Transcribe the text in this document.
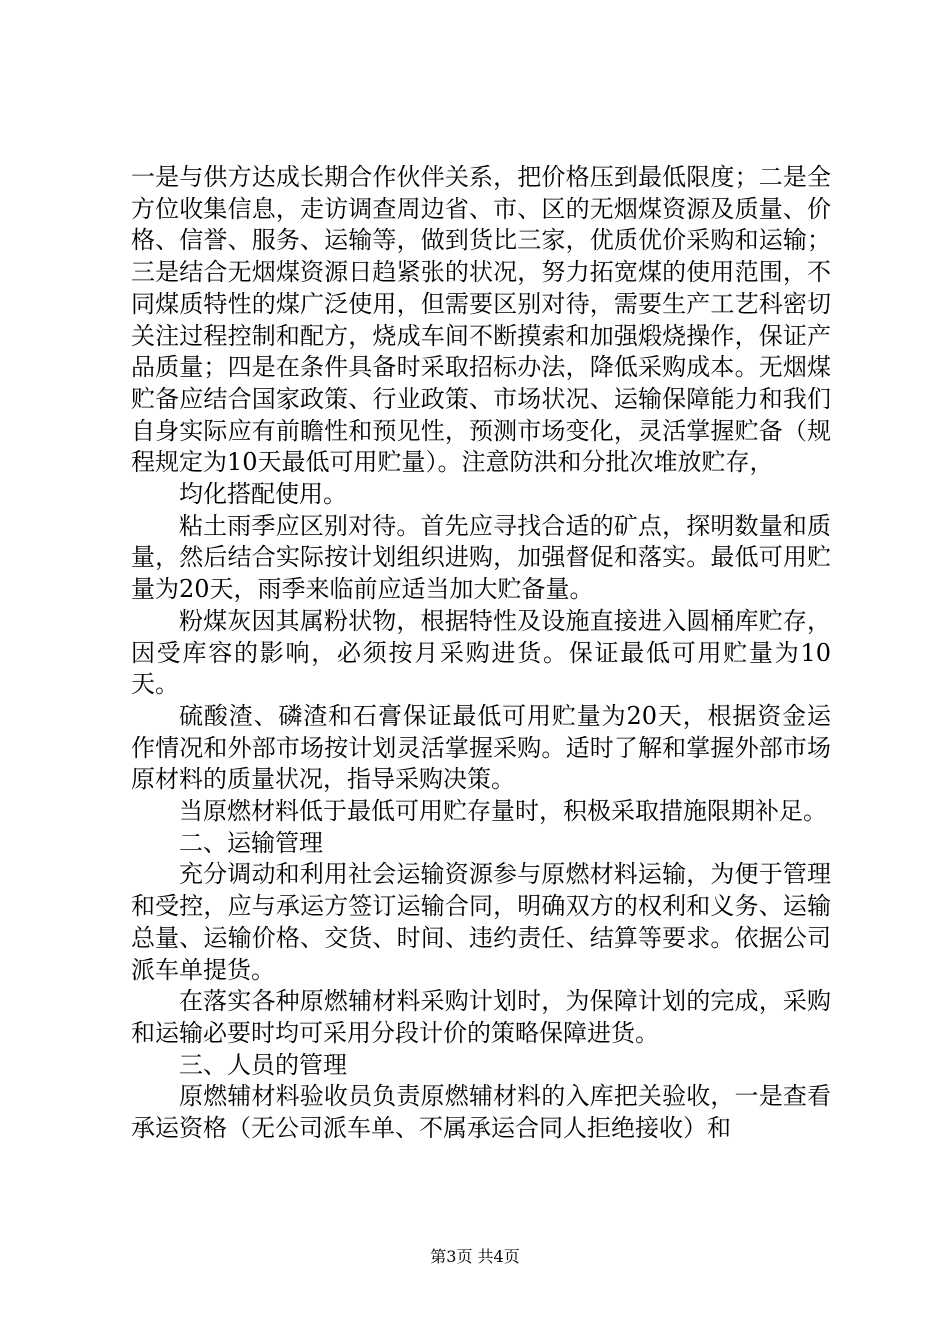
一是与供方达成长期合作伙伴关系，把价格压到最低限度；二是全方位收集信息，走访调查周边省、市、区的无烟煤资源及质量、价格、信誉、服务、运输等，做到货比三家，优质优价采购和运输；三是结合无烟煤资源日趋紧张的状况，努力拓宽煤的使用范围，不同煤质特性的煤广泛使用，但需要区别对待，需要生产工艺科密切关注过程控制和配方，烧成车间不断摸索和加强煅烧操作，保证产品质量；四是在条件具备时采取招标办法，降低采购成本。无烟煤贮备应结合国家政策、行业政策、市场状况、运输保障能力和我们自身实际应有前瞻性和预见性，预测市场变化，灵活掌握贮备（规程规定为10天最低可用贮量）。注意防洪和分批次堆放贮存，

均化搭配使用。

粘土雨季应区别对待。首先应寻找合适的矿点，探明数量和质量，然后结合实际按计划组织进购，加强督促和落实。最低可用贮量为20天，雨季来临前应适当加大贮备量。

粉煤灰因其属粉状物，根据特性及设施直接进入圆桶库贮存，因受库容的影响，必须按月采购进货。保证最低可用贮量为10天。

硫酸渣、磷渣和石膏保证最低可用贮量为20天，根据资金运作情况和外部市场按计划灵活掌握采购。适时了解和掌握外部市场原材料的质量状况，指导采购决策。

当原燃材料低于最低可用贮存量时，积极采取措施限期补足。

二、运输管理

充分调动和利用社会运输资源参与原燃材料运输，为便于管理和受控，应与承运方签订运输合同，明确双方的权利和义务、运输总量、运输价格、交货、时间、违约责任、结算等要求。依据公司派车单提货。

在落实各种原燃辅材料采购计划时，为保障计划的完成，采购和运输必要时均可采用分段计价的策略保障进货。

三、人员的管理

原燃辅材料验收员负责原燃辅材料的入库把关验收，一是查看承运资格（无公司派车单、不属承运合同人拒绝接收）和

第3页 共4页
